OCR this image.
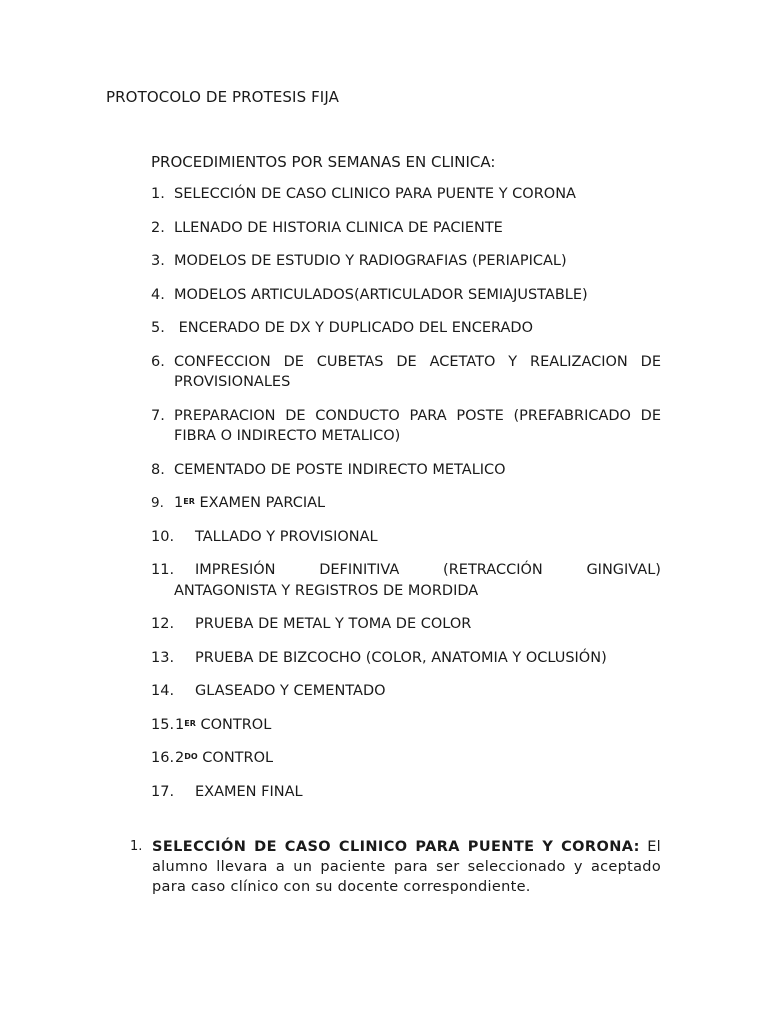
PROTOCOLO DE PROTESIS FIJA
PROCEDIMIENTOS POR SEMANAS EN CLINICA:
1. SELECCIÓN DE CASO CLINICO PARA PUENTE Y CORONA
2. LLENADO DE HISTORIA CLINICA DE PACIENTE
3. MODELOS DE ESTUDIO Y RADIOGRAFIAS (PERIAPICAL)
4. MODELOS ARTICULADOS(ARTICULADOR SEMIAJUSTABLE)
5. ENCERADO DE DX Y DUPLICADO DEL ENCERADO
6. CONFECCION DE CUBETAS DE ACETATO Y REALIZACION DE PROVISIONALES
7. PREPARACION DE CONDUCTO PARA POSTE (PREFABRICADO DE FIBRA O INDIRECTO METALICO)
8. CEMENTADO DE POSTE INDIRECTO METALICO
9. 1ER EXAMEN PARCIAL
10.	TALLADO Y PROVISIONAL
11. IMPRESIÓN	DEFINITIVA	(RETRACCIÓN	GINGIVAL)
ANTAGONISTA Y REGISTROS DE MORDIDA
12.	PRUEBA DE METAL Y TOMA DE COLOR
13.	PRUEBA DE BIZCOCHO (COLOR, ANATOMIA Y OCLUSIÓN)
14.	GLASEADO Y CEMENTADO
15. 1ER CONTROL
16. $2^{DO}$ CONTROL
17.	EXAMEN FINAL
1. SELECCIÓN DE CASO CLINICO PARA PUENTE Y CORONA: El alumno llevara a un paciente para ser seleccionado y aceptado para caso clínico con su docente correspondiente.
